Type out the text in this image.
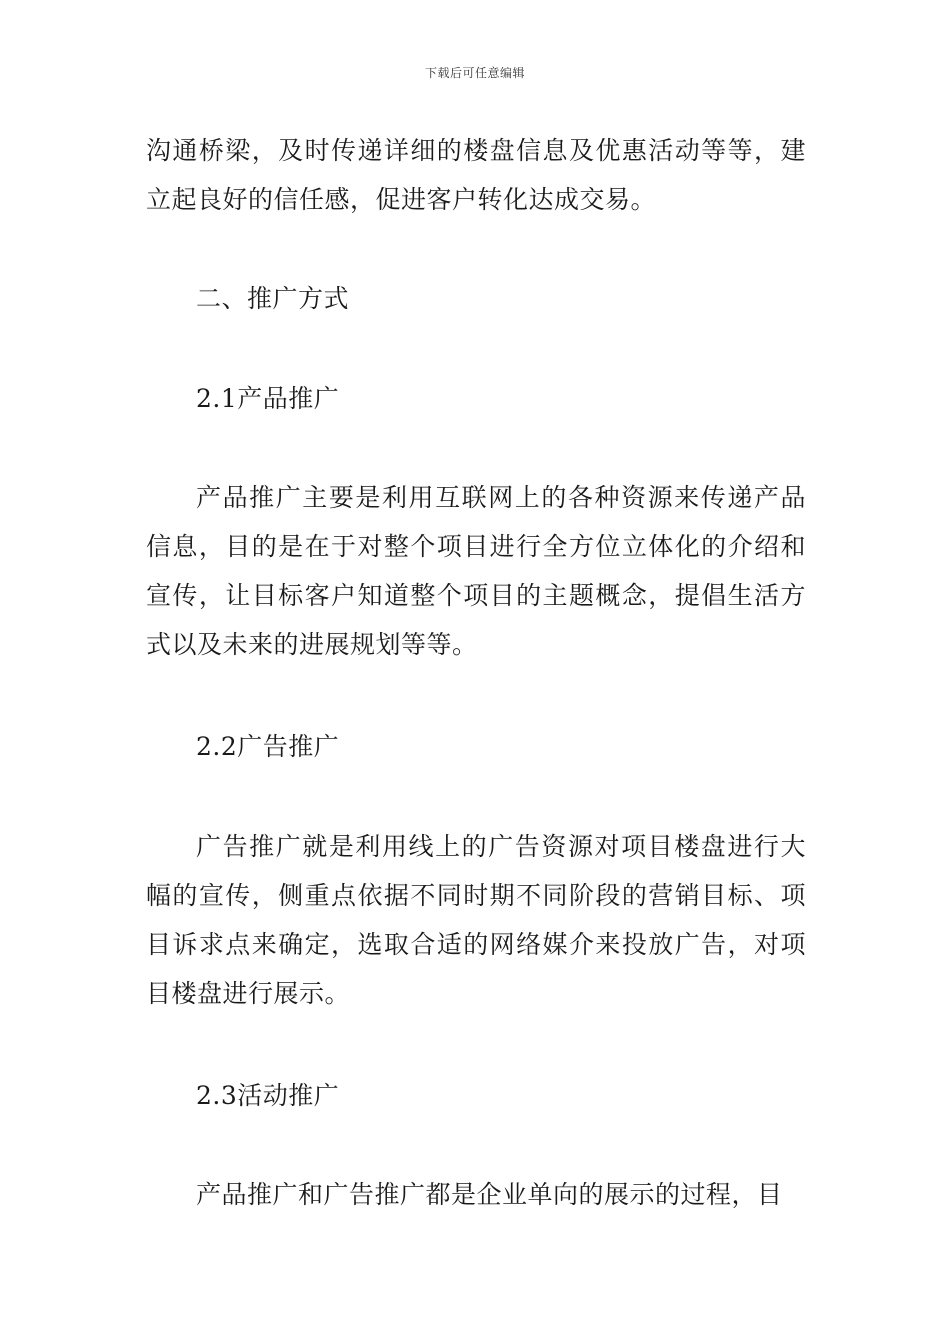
下载后可任意编辑

沟通桥梁，及时传递详细的楼盘信息及优惠活动等等，建立起良好的信任感，促进客户转化达成交易。

二、推广方式

2.1产品推广

产品推广主要是利用互联网上的各种资源来传递产品信息，目的是在于对整个项目进行全方位立体化的介绍和宣传，让目标客户知道整个项目的主题概念，提倡生活方式以及未来的进展规划等等。

2.2广告推广

广告推广就是利用线上的广告资源对项目楼盘进行大幅的宣传，侧重点依据不同时期不同阶段的营销目标、项目诉求点来确定，选取合适的网络媒介来投放广告，对项目楼盘进行展示。

2.3活动推广

产品推广和广告推广都是企业单向的展示的过程，目
